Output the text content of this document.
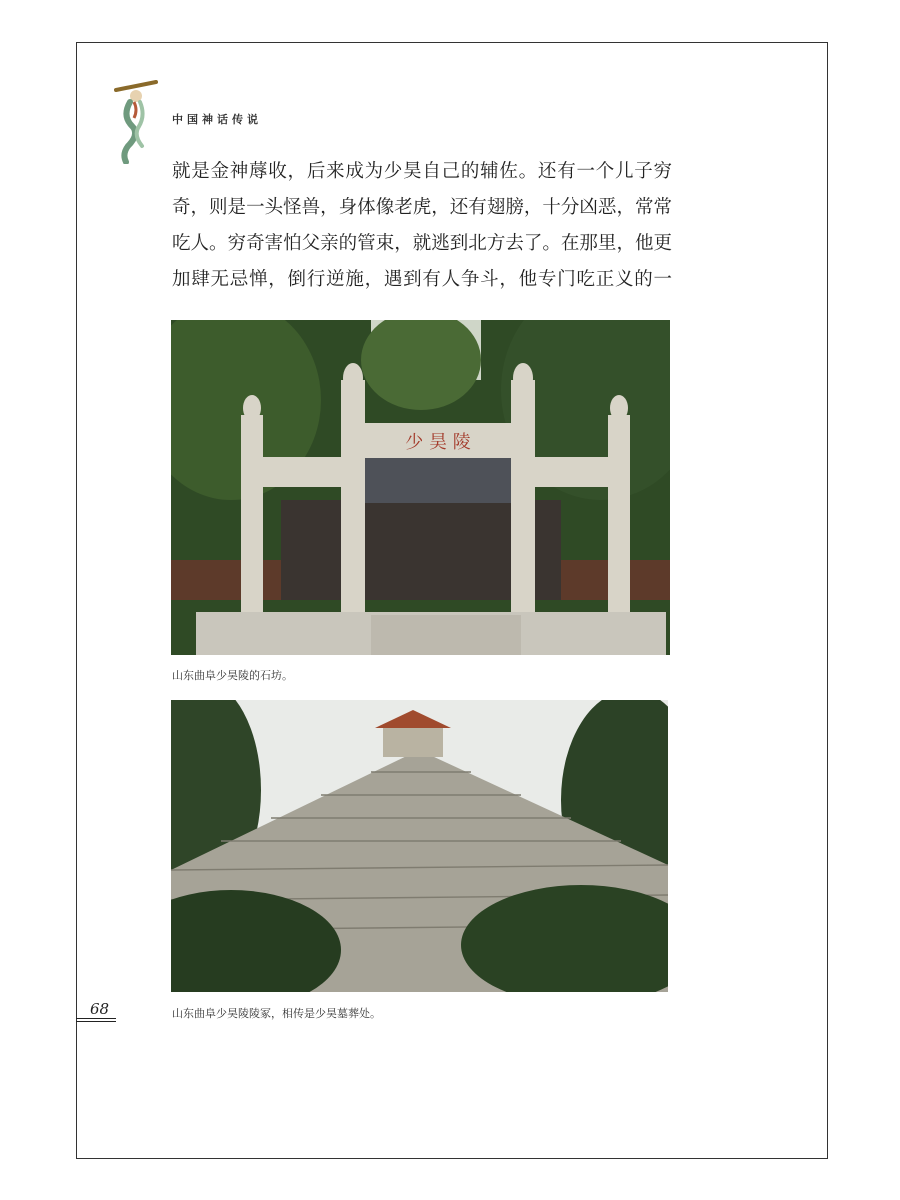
中国神话传说
就是金神蓐收，后来成为少昊自己的辅佐。还有一个儿子穷
奇，则是一头怪兽，身体像老虎，还有翅膀，十分凶恶，常常
吃人。穷奇害怕父亲的管束，就逃到北方去了。在那里，他更
加肆无忌惮，倒行逆施，遇到有人争斗，他专门吃正义的一
少 昊 陵
山东曲阜少昊陵的石坊。
山东曲阜少昊陵陵冢，相传是少昊墓葬处。
68
